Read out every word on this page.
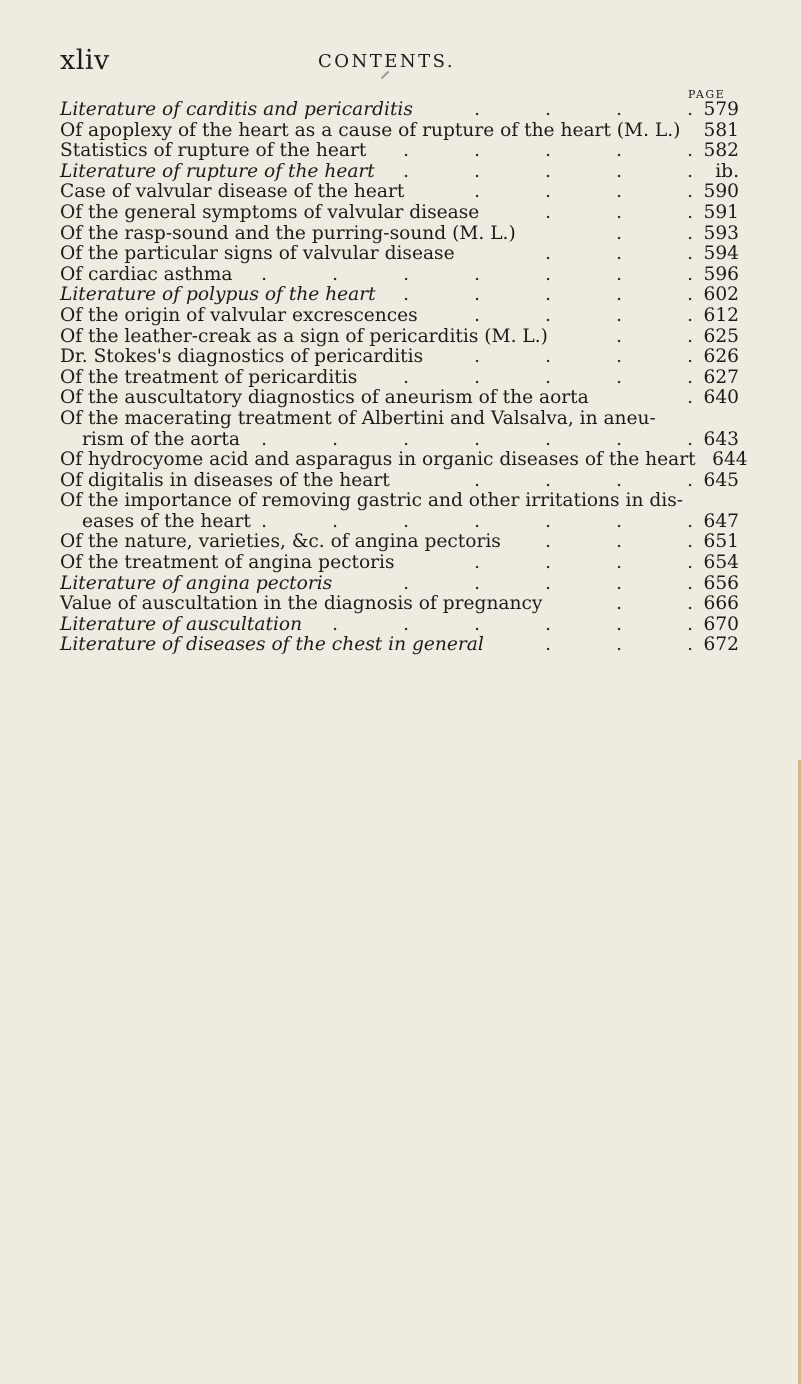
xliv	CONTENTS.
PAGE
Literature of carditis and pericarditis	.    .    .    . 579
Of apoplexy of the heart as a cause of rupture of the heart (M. L.) 581
Statistics of rupture of the heart	.    .    .    .    . 582
Literature of rupture of the heart	.    .    .    .    .	ib.
Case of valvular disease of the heart	.    .    .    . 590
Of the general symptoms of valvular disease	.    .    . 591
Of the rasp-sound and the purring-sound (M. L.)	.    . 593
Of the particular signs of valvular disease	.    .    . 594
Of cardiac asthma	.    .    .    .    .    .    . 596
Literature of polypus of the heart	.    .    .    .    . 602
Of the origin of valvular excrescences	.    .    .    . 612
Of the leather-creak as a sign of pericarditis (M. L.)	.    . 625
Dr. Stokes's diagnostics of pericarditis	.    .    .    . 626
Of the treatment of pericarditis	.    .    .    .    . 627
Of the auscultatory diagnostics of aneurism of the aorta	. 640
Of the macerating treatment of Albertini and Valsalva, in aneu-
rism of the aorta	.    .    .    .    .    .    . 643
Of hydrocyome acid and asparagus in organic diseases of the heart 644
Of digitalis in diseases of the heart	.    .    .    . 645
Of the importance of removing gastric and other irritations in dis-
eases of the heart .    .    .    .    .    .    . 647
Of the nature, varieties, &c. of angina pectoris	.    .    . 651
Of the treatment of angina pectoris	.    .    .    . 654
Literature of angina pectoris	.    .    .    .    . 656
Value of auscultation in the diagnosis of pregnancy	.    . 666
Literature of auscultation	.    .    .    .    .    . 670
Literature of diseases of the chest in general	.    .    . 672
